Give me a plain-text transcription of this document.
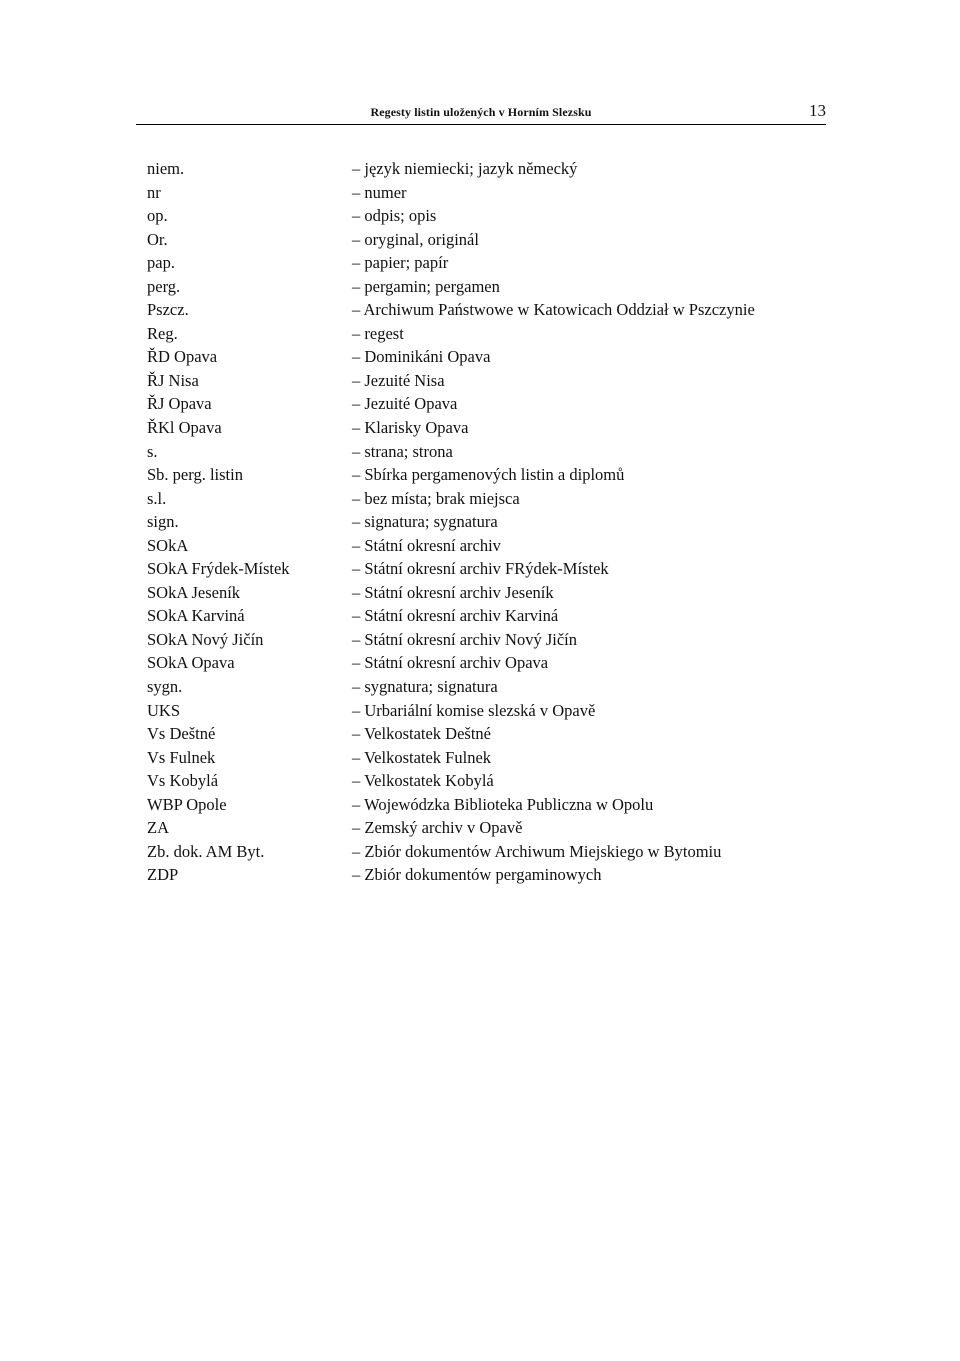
Regesty listin uložených v Horním Slezsku	13
niem.	– język niemiecki; jazyk německý
nr	– numer
op.	– odpis; opis
Or.	– oryginal, originál
pap.	– papier; papír
perg.	– pergamin; pergamen
Pszcz.	– Archiwum Państwowe w Katowicach Oddział w Pszczynie
Reg.	– regest
ŘD Opava	– Dominikáni Opava
ŘJ Nisa	– Jezuité Nisa
ŘJ Opava	– Jezuité Opava
ŘKl Opava	– Klarisky Opava
s.	– strana; strona
Sb. perg. listin	– Sbírka pergamenových listin a diplomů
s.l.	– bez místa; brak miejsca
sign.	– signatura; sygnatura
SOkA	– Státní okresní archiv
SOkA Frýdek-Místek	– Státní okresní archiv FRýdek-Místek
SOkA Jeseník	– Státní okresní archiv Jeseník
SOkA Karviná	– Státní okresní archiv Karviná
SOkA Nový Jičín	– Státní okresní archiv Nový Jičín
SOkA Opava	– Státní okresní archiv Opava
sygn.	– sygnatura; signatura
UKS	– Urbariální komise slezská v Opavě
Vs Deštné	– Velkostatek Deštné
Vs Fulnek	– Velkostatek Fulnek
Vs Kobylá	– Velkostatek Kobylá
WBP Opole	– Wojewódzka Biblioteka Publiczna w Opolu
ZA	– Zemský archiv v Opavě
Zb. dok. AM Byt.	– Zbiór dokumentów Archiwum Miejskiego w Bytomiu
ZDP	– Zbiór dokumentów pergaminowych
